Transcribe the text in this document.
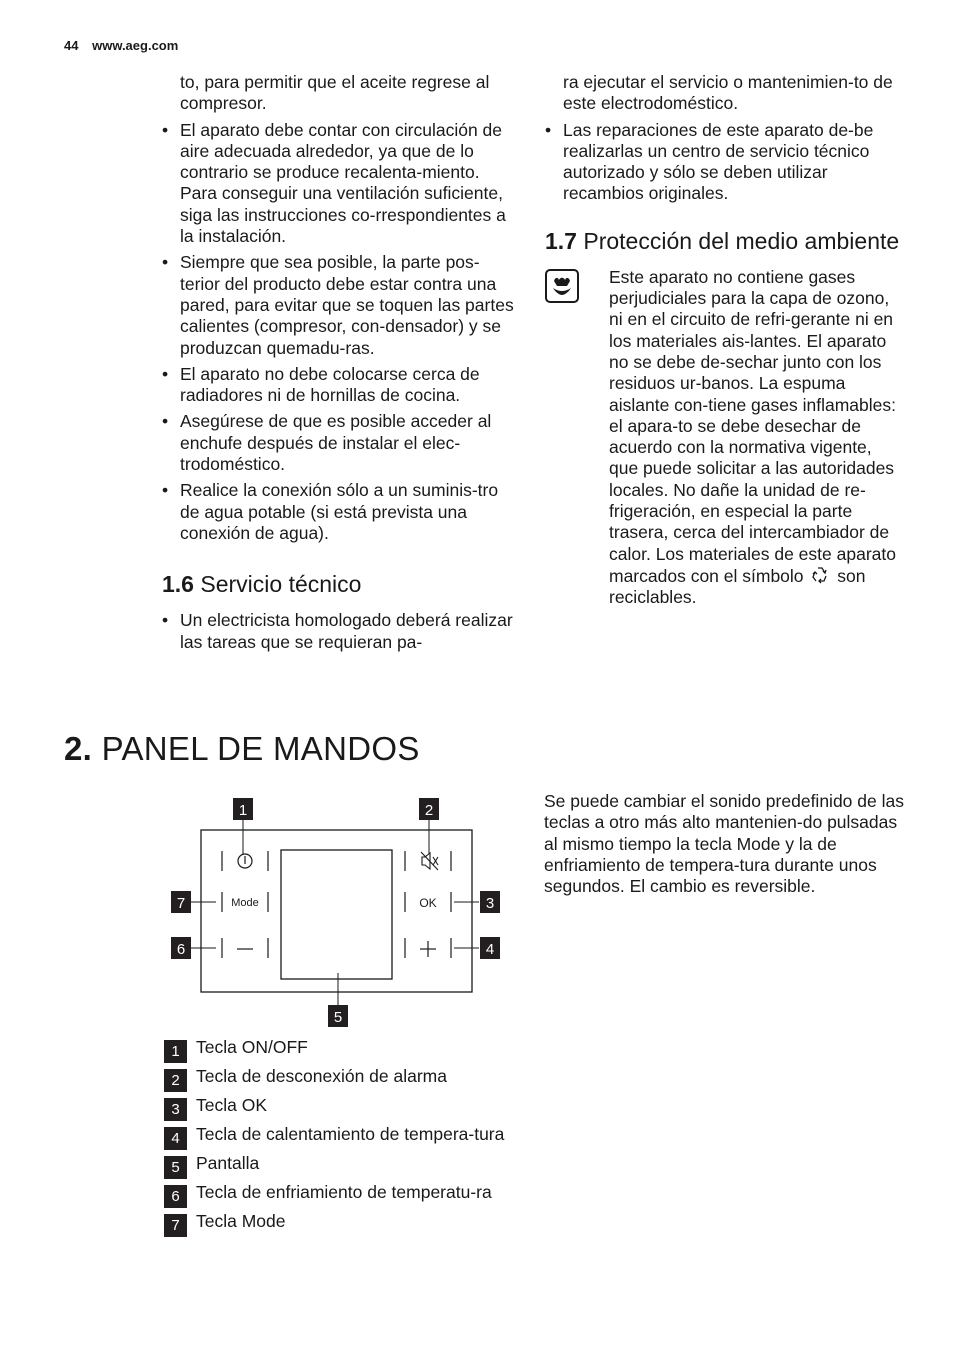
44 www.aeg.com

to, para permitir que el aceite regrese al compresor.

• El aparato debe contar con circulación de aire adecuada alrededor, ya que de lo contrario se produce recalenta-miento. Para conseguir una ventilación suficiente, siga las instrucciones co-rrespondientes a la instalación.
• Siempre que sea posible, la parte pos-terior del producto debe estar contra una pared, para evitar que se toquen las partes calientes (compresor, con-densador) y se produzcan quemadu-ras.
• El aparato no debe colocarse cerca de radiadores ni de hornillas de cocina.
• Asegúrese de que es posible acceder al enchufe después de instalar el elec-trodoméstico.
• Realice la conexión sólo a un suminis-tro de agua potable (si está prevista una conexión de agua).
1.6 Servicio técnico
• Un electricista homologado deberá realizar las tareas que se requieran pa-

ra ejecutar el servicio o mantenimien-to de este electrodoméstico.

• Las reparaciones de este aparato de-be realizarlas un centro de servicio técnico autorizado y sólo se deben utilizar recambios originales.
1.7 Protección del medio ambiente
Este aparato no contiene gases perjudiciales para la capa de ozono, ni en el circuito de refri-gerante ni en los materiales ais-lantes. El aparato no se debe de-sechar junto con los residuos ur-banos. La espuma aislante con-tiene gases inflamables: el apara-to se debe desechar de acuerdo con la normativa vigente, que puede solicitar a las autoridades locales. No dañe la unidad de re-frigeración, en especial la parte trasera, cerca del intercambiador de calor. Los materiales de este aparato marcados con el símbolo son reciclables.
2. PANEL DE MANDOS
Mode	OK
1	2
3
4
5
6
7
1 Tecla ON/OFF
2 Tecla de desconexión de alarma
3 Tecla OK
4 Tecla de calentamiento de tempera-tura
5 Pantalla
6 Tecla de enfriamiento de temperatu-ra
7 Tecla Mode
Se puede cambiar el sonido predefinido de las teclas a otro más alto mantenien-do pulsadas al mismo tiempo la tecla Mode y la de enfriamiento de tempera-tura durante unos segundos. El cambio es reversible.
